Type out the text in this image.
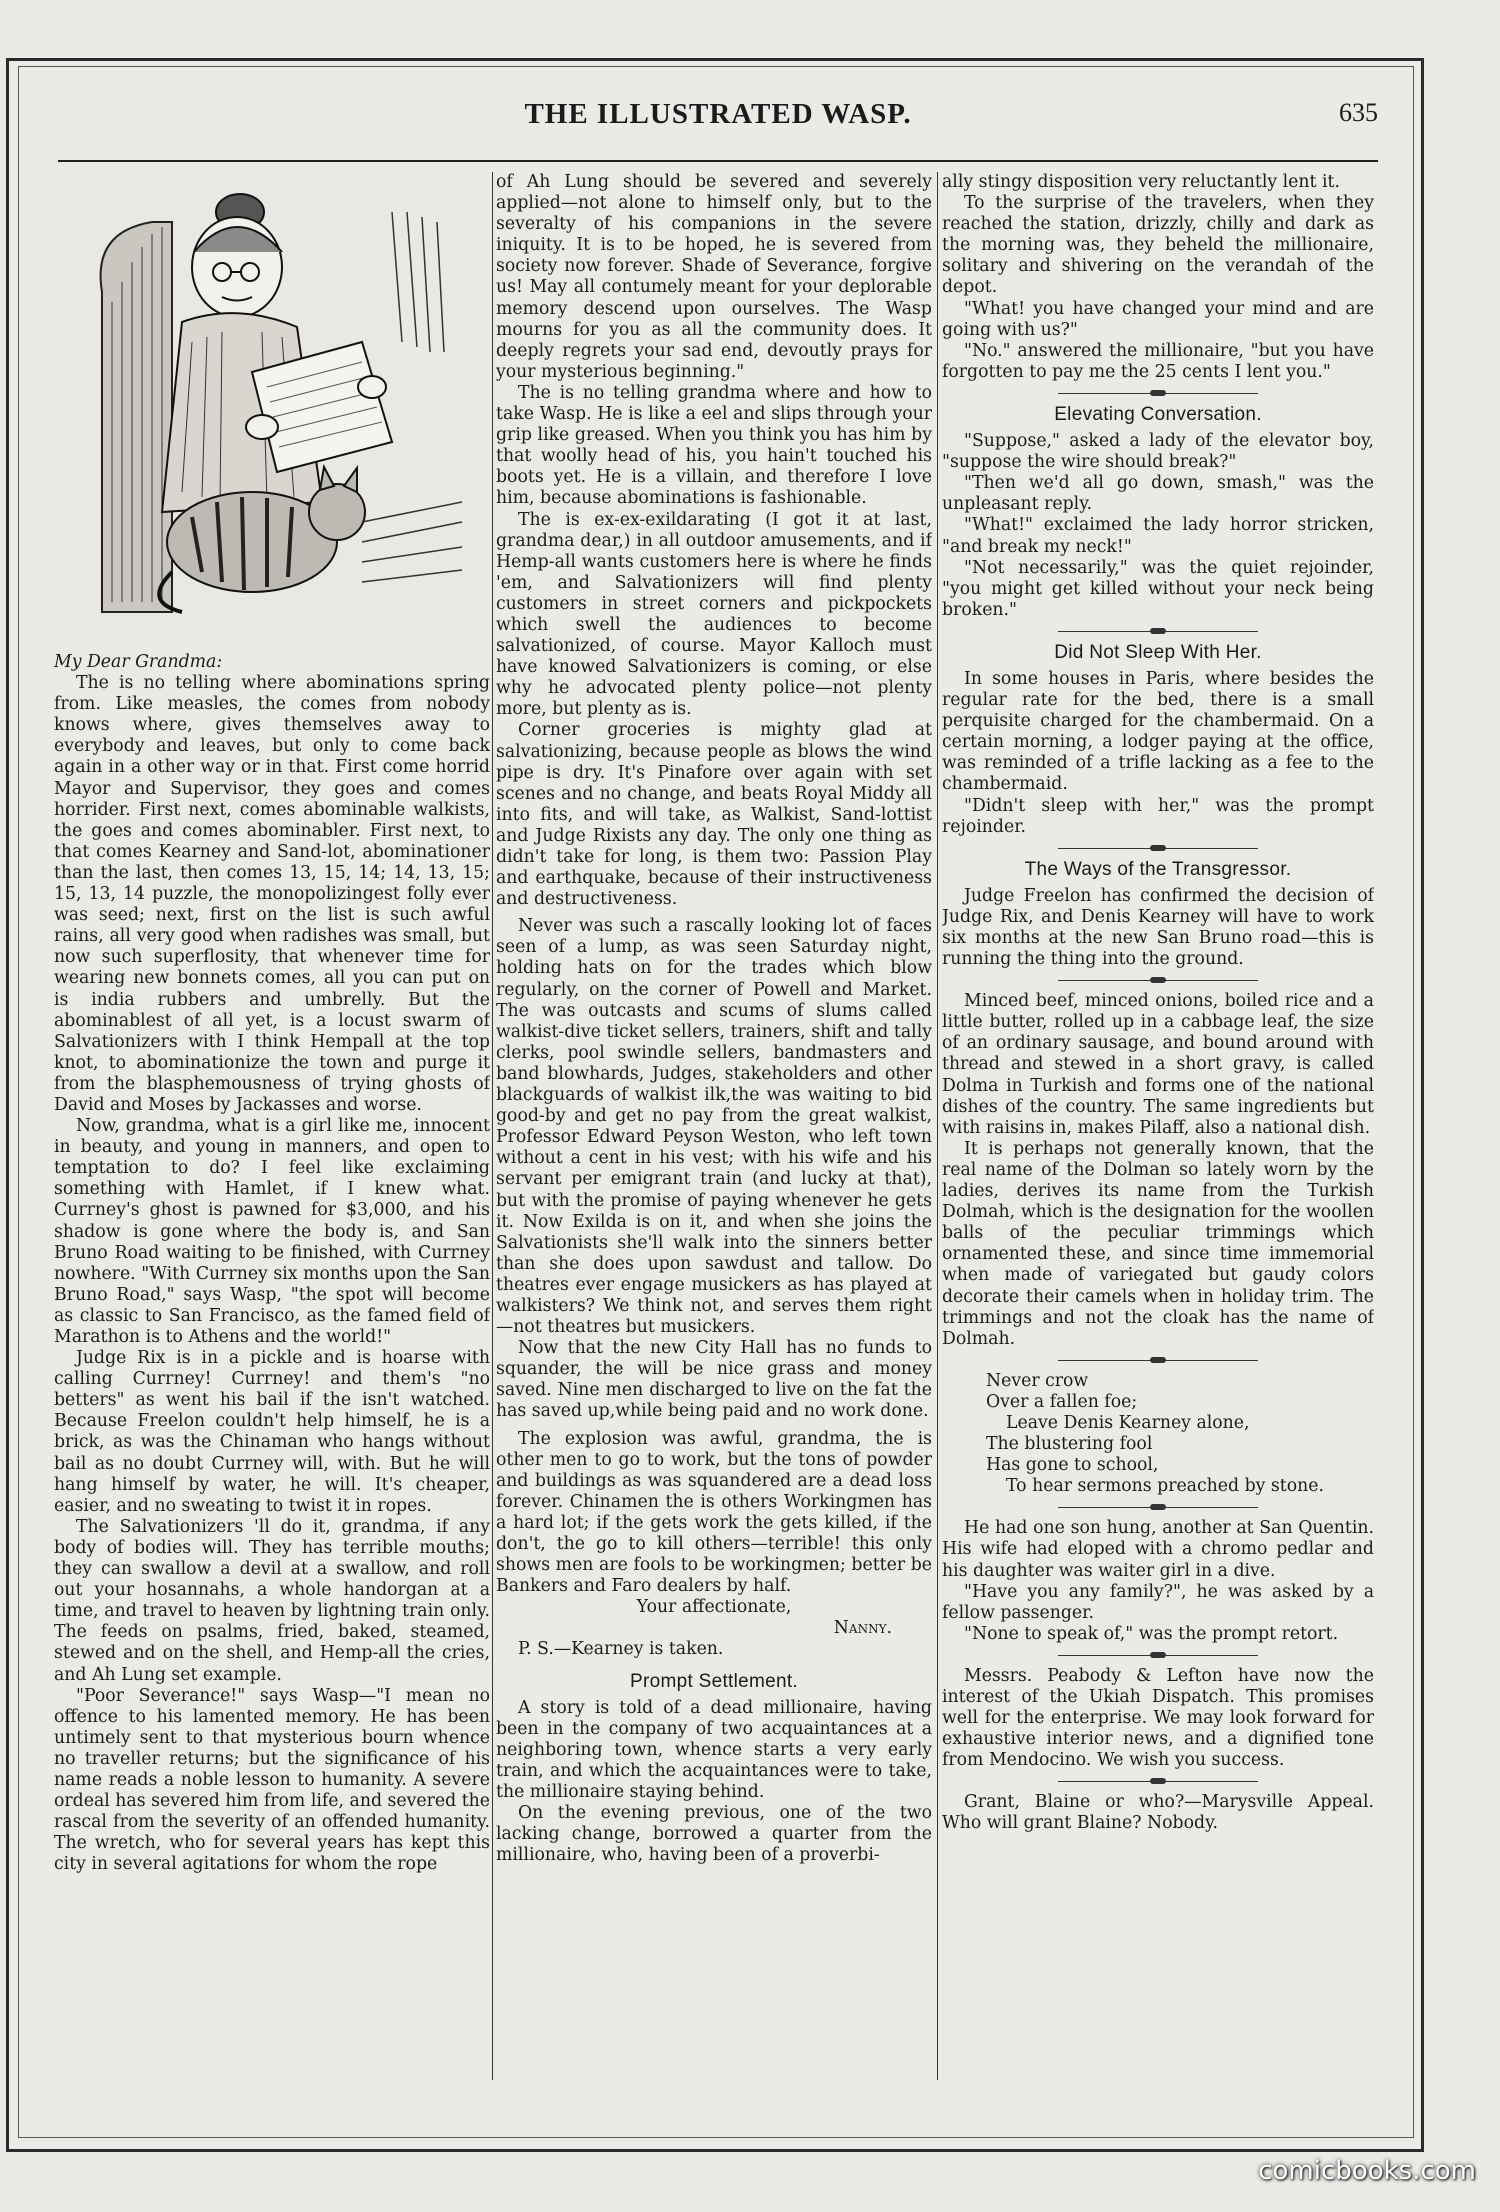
THE ILLUSTRATED WASP.	635

My Dear Grandma:

The is no telling where abominations spring from. Like measles, the comes from nobody knows where, gives themselves away to everybody and leaves, but only to come back again in a other way or in that. First come horrid Mayor and Supervisor, they goes and comes horrider. First next, comes abominable walkists, the goes and comes abominabler. First next, to that comes Kearney and Sand-lot, abominationer than the last, then comes 13, 15, 14; 14, 13, 15; 15, 13, 14 puzzle, the monopolizingest folly ever was seed; next, first on the list is such awful rains, all very good when radishes was small, but now such superflosity, that whenever time for wearing new bonnets comes, all you can put on is india rubbers and umbrelly. But the abominablest of all yet, is a locust swarm of Salvationizers with I think Hempall at the top knot, to abominationize the town and purge it from the blasphemousness of trying ghosts of David and Moses by Jackasses and worse.

Now, grandma, what is a girl like me, innocent in beauty, and young in manners, and open to temptation to do? I feel like exclaiming something with Hamlet, if I knew what. Currney's ghost is pawned for $3,000, and his shadow is gone where the body is, and San Bruno Road waiting to be finished, with Currney nowhere. "With Currney six months upon the San Bruno Road," says Wasp, "the spot will become as classic to San Francisco, as the famed field of Marathon is to Athens and the world!"

Judge Rix is in a pickle and is hoarse with calling Currney! Currney! and them's "no betters" as went his bail if the isn't watched. Because Freelon couldn't help himself, he is a brick, as was the Chinaman who hangs without bail as no doubt Currney will, with. But he will hang himself by water, he will. It's cheaper, easier, and no sweating to twist it in ropes.

The Salvationizers 'll do it, grandma, if any body of bodies will. They has terrible mouths; they can swallow a devil at a swallow, and roll out your hosannahs, a whole handorgan at a time, and travel to heaven by lightning train only. The feeds on psalms, fried, baked, steamed, stewed and on the shell, and Hemp-all the cries, and Ah Lung set example.

"Poor Severance!" says Wasp—"I mean no offence to his lamented memory. He has been untimely sent to that mysterious bourn whence no traveller returns; but the significance of his name reads a noble lesson to humanity. A severe ordeal has severed him from life, and severed the rascal from the severity of an offended humanity. The wretch, who for several years has kept this city in several agitations for whom the rope

of Ah Lung should be severed and severely applied—not alone to himself only, but to the severalty of his companions in the severe iniquity. It is to be hoped, he is severed from society now forever. Shade of Severance, forgive us! May all contumely meant for your deplorable memory descend upon ourselves. The Wasp mourns for you as all the community does. It deeply regrets your sad end, devoutly prays for your mysterious beginning."

The is no telling grandma where and how to take Wasp. He is like a eel and slips through your grip like greased. When you think you has him by that woolly head of his, you hain't touched his boots yet. He is a villain, and therefore I love him, because abominations is fashionable.

The is ex-ex-exildarating (I got it at last, grandma dear,) in all outdoor amusements, and if Hemp-all wants customers here is where he finds 'em, and Salvationizers will find plenty customers in street corners and pickpockets which swell the audiences to become salvationized, of course. Mayor Kalloch must have knowed Salvationizers is coming, or else why he advocated plenty police—not plenty more, but plenty as is.

Corner groceries is mighty glad at salvationizing, because people as blows the wind pipe is dry. It's Pinafore over again with set scenes and no change, and beats Royal Middy all into fits, and will take, as Walkist, Sand-lottist and Judge Rixists any day. The only one thing as didn't take for long, is them two: Passion Play and earthquake, because of their instructiveness and destructiveness.

Never was such a rascally looking lot of faces seen of a lump, as was seen Saturday night, holding hats on for the trades which blow regularly, on the corner of Powell and Market. The was outcasts and scums of slums called walkist-dive ticket sellers, trainers, shift and tally clerks, pool swindle sellers, bandmasters and band blowhards, Judges, stakeholders and other blackguards of walkist ilk,the was waiting to bid good-by and get no pay from the great walkist, Professor Edward Peyson Weston, who left town without a cent in his vest; with his wife and his servant per emigrant train (and lucky at that), but with the promise of paying whenever he gets it. Now Exilda is on it, and when she joins the Salvationists she'll walk into the sinners better than she does upon sawdust and tallow. Do theatres ever engage musickers as has played at walkisters? We think not, and serves them right —not theatres but musickers.

Now that the new City Hall has no funds to squander, the will be nice grass and money saved. Nine men discharged to live on the fat the has saved up,while being paid and no work done.

The explosion was awful, grandma, the is other men to go to work, but the tons of powder and buildings as was squandered are a dead loss forever. Chinamen the is others Workingmen has a hard lot; if the gets work the gets killed, if the don't, the go to kill others—terrible! this only shows men are fools to be workingmen; better be Bankers and Faro dealers by half.

Your affectionate,

Nanny.

P. S.—Kearney is taken.

Prompt Settlement.

A story is told of a dead millionaire, having been in the company of two acquaintances at a neighboring town, whence starts a very early train, and which the acquaintances were to take, the millionaire staying behind.

On the evening previous, one of the two lacking change, borrowed a quarter from the millionaire, who, having been of a proverbi-

ally stingy disposition very reluctantly lent it.

To the surprise of the travelers, when they reached the station, drizzly, chilly and dark as the morning was, they beheld the millionaire, solitary and shivering on the verandah of the depot.

"What! you have changed your mind and are going with us?"

"No." answered the millionaire, "but you have forgotten to pay me the 25 cents I lent you."

Elevating Conversation.

"Suppose," asked a lady of the elevator boy, "suppose the wire should break?"

"Then we'd all go down, smash," was the unpleasant reply.

"What!" exclaimed the lady horror stricken, "and break my neck!"

"Not necessarily," was the quiet rejoinder, "you might get killed without your neck being broken."

Did Not Sleep With Her.

In some houses in Paris, where besides the regular rate for the bed, there is a small perquisite charged for the chambermaid. On a certain morning, a lodger paying at the office, was reminded of a trifle lacking as a fee to the chambermaid.

"Didn't sleep with her," was the prompt rejoinder.

The Ways of the Transgressor.

Judge Freelon has confirmed the decision of Judge Rix, and Denis Kearney will have to work six months at the new San Bruno road—this is running the thing into the ground.

Minced beef, minced onions, boiled rice and a little butter, rolled up in a cabbage leaf, the size of an ordinary sausage, and bound around with thread and stewed in a short gravy, is called Dolma in Turkish and forms one of the national dishes of the country. The same ingredients but with raisins in, makes Pilaff, also a national dish.

It is perhaps not generally known, that the real name of the Dolman so lately worn by the ladies, derives its name from the Turkish Dolmah, which is the designation for the woollen balls of the peculiar trimmings which ornamented these, and since time immemorial when made of variegated but gaudy colors decorate their camels when in holiday trim. The trimmings and not the cloak has the name of Dolmah.

Never crow

Over a fallen foe;

Leave Denis Kearney alone,

The blustering fool

Has gone to school,

To hear sermons preached by stone.

He had one son hung, another at San Quentin. His wife had eloped with a chromo pedlar and his daughter was waiter girl in a dive.

"Have you any family?", he was asked by a fellow passenger.

"None to speak of," was the prompt retort.

Messrs. Peabody & Lefton have now the interest of the Ukiah Dispatch. This promises well for the enterprise. We may look forward for exhaustive interior news, and a dignified tone from Mendocino. We wish you success.

Grant, Blaine or who?—Marysville Appeal. Who will grant Blaine? Nobody.

comicbooks.com
